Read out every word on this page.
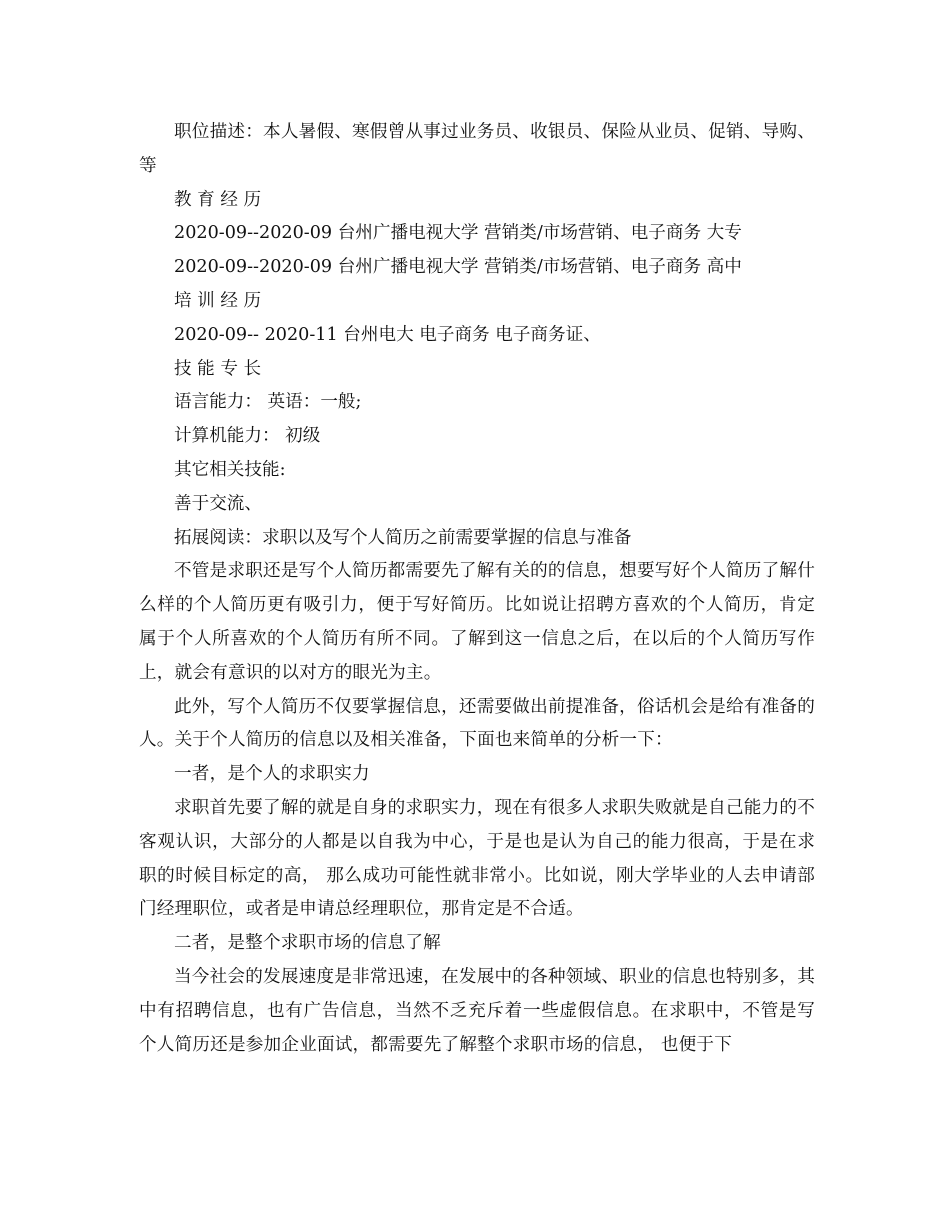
职位描述：本人暑假、寒假曾从事过业务员、收银员、保险从业员、促销、导购、等

教 育 经 历
2020-09--2020-09 台州广播电视大学 营销类/市场营销、电子商务 大专
2020-09--2020-09 台州广播电视大学 营销类/市场营销、电子商务 高中
培 训 经 历
2020-09-- 2020-11 台州电大 电子商务 电子商务证、
技 能 专 长
语言能力： 英语：一般;
计算机能力： 初级
其它相关技能:
善于交流、
拓展阅读：求职以及写个人简历之前需要掌握的信息与准备

不管是求职还是写个人简历都需要先了解有关的的信息，想要写好个人简历了解什么样的个人简历更有吸引力，便于写好简历。比如说让招聘方喜欢的个人简历，肯定属于个人所喜欢的个人简历有所不同。了解到这一信息之后，在以后的个人简历写作上，就会有意识的以对方的眼光为主。

此外，写个人简历不仅要掌握信息，还需要做出前提准备，俗话机会是给有准备的人。关于个人简历的信息以及相关准备，下面也来简单的分析一下：

一者，是个人的求职实力

求职首先要了解的就是自身的求职实力，现在有很多人求职失败就是自己能力的不客观认识，大部分的人都是以自我为中心，于是也是认为自己的能力很高，于是在求职的时候目标定的高， 那么成功可能性就非常小。比如说，刚大学毕业的人去申请部门经理职位，或者是申请总经理职位，那肯定是不合适。

二者，是整个求职市场的信息了解

当今社会的发展速度是非常迅速，在发展中的各种领域、职业的信息也特别多，其中有招聘信息，也有广告信息，当然不乏充斥着一些虚假信息。在求职中，不管是写个人简历还是参加企业面试，都需要先了解整个求职市场的信息， 也便于下
